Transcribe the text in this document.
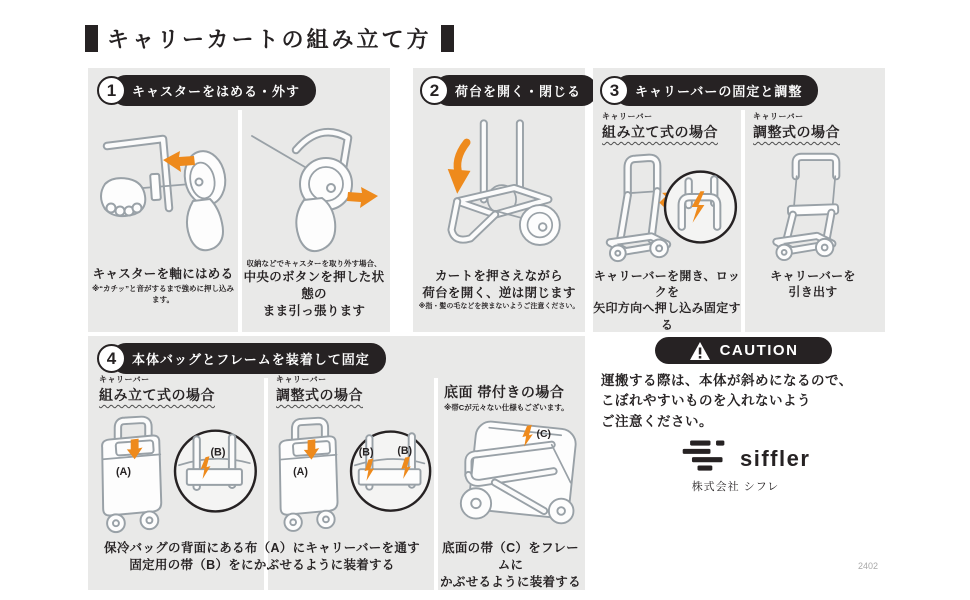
キャリーカートの組み立て方
1	キャスターをはめる・外す
キャスターを軸にはめる
※“カチッ”と音がするまで強めに押し込みます。
収納などでキャスターを取り外す場合、
中央のボタンを押した状態の
まま引っ張ります
2	荷台を開く・閉じる
カートを押さえながら
荷台を開く、逆は閉じます
※指・髪の毛などを挟まないようご注意ください。
3	キャリーバーの固定と調整
キャリーバー
組み立て式の場合
キャリーバー
調整式の場合
キャリーバーを開き、ロックを
矢印方向へ押し込み固定する
キャリーバーを
引き出す
4	本体バッグとフレームを装着して固定
キャリーバー
組み立て式の場合
キャリーバー
調整式の場合	底面 帯付きの場合
※帯Cが元々ない仕様もございます。
(A)
(B)
(A)
(B) (B)
(C)
保冷バッグの背面にある布（A）にキャリーバーを通す
固定用の帯（B）をにかぶせるように装着する
底面の帯（C）をフレームに
かぶせるように装着する
CAUTION
運搬する際は、本体が斜めになるので、
こぼれやすいものを入れないよう
ご注意ください。
siffler
株式会社 シフレ
2402
